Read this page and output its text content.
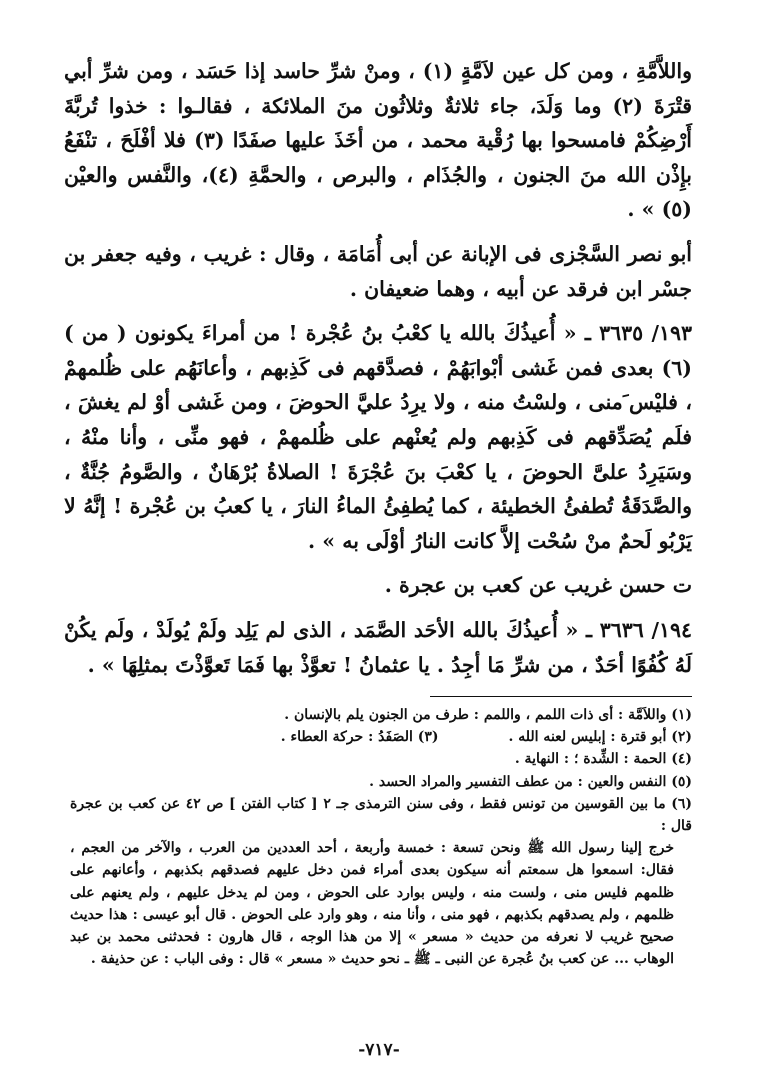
واللاَّمَّةِ ، ومن كل عين لاَمَّةٍ (١) ، ومنْ شرِّ حاسد إذا حَسَد ، ومن شرِّ أبي قتْرَةَ (٢) وما وَلَدَ، جاء ثلاثةٌ وثلاثُون منَ الملائكة ، فقالـوا : خذوا تُربَّةَ أَرْضِكُمْ فامسحوا بها رُقْية محمد ، من أخَذَ عليها صفَدًا (٣) فلا أفْلَحَ ، تنْفَعُ بإِذْن الله منَ الجنون ، والجُذَام ، والبرص ، والحمَّةِ (٤)، والنَّفس والعيْن (٥) » .

أبو نصر السَّجْزى فى الإبانة عن أبى أُمَامَة ، وقال : غريب ، وفيه جعفر بن جسْر ابن فرقد عن أبيه ، وهما ضعيفان .

١٩٣/ ٣٦٣٥ ـ « أُعيذُكَ بالله يا كعْبُ بنُ عُجْرة ! من أمراءَ يكونون ( من ) (٦) بعدى فمن غَشى أبْوابَهُمْ ، فصدَّقهم فى كَذِبهم ، وأعانَهُم على ظُلمهمْ ، فليْس َمنى ، ولسْتُ منه ، ولا يرِدُ عليَّ الحوضَ ، ومن غَشى أوْ لم يغشَ ، فلَم يُصَدِّقهم فى كَذِبهم ولم يُعنْهم على ظُلمهمْ ، فهو منِّى ، وأنا منْهُ ، وسَيَرِدُ علىَّ الحوضَ ، يا كعْبَ بنَ عُجْرَةَ ! الصلاةُ بُرْهَانٌ ، والصَّومُ جُنَّةٌ ، والصَّدَقَةُ تُطفئُ الخطيئة ، كما يُطفِئُ الماءُ النارَ ، يا كعبُ بن عُجْرة ! إنَّهُ لا يَرْبُو لَحمٌ منْ سُحْت إلاَّ كانت النارُ أوْلَى به » .

ت حسن غريب عن كعب بن عجرة .

١٩٤/ ٣٦٣٦ ـ « أُعيذُكَ بالله الأحَد الصَّمَد ، الذى لم يَلِد ولَمْ يُولَدْ ، ولَم يكُنْ لَهُ كُفُوًا أحَدٌ ، من شرِّ مَا أجِدُ . يا عثمانُ ! تعوَّذْ بها فَمَا تَعوَّذْتَ بمثلِهَا » .

(١) واللاَمَّة : أى ذات اللمم ، واللمم : طرف من الجنون يلم بالإنسان .
(٢) أبو قترة : إبليس لعنه الله .
(٣) الصَفَدُ : حركة العطاء .
(٤) الحمة : الشِّدة ؛ : النهاية .
(٥) النفس والعين : من عطف التفسير والمراد الحسد .
(٦) ما بين القوسين من تونس فقط ، وفى سنن الترمذى جـ ٢ [ كتاب الفتن ] ص ٤٢ عن كعب بن عجرة قال :
خرج إلينا رسول الله ﷺ ونحن تسعة : خمسة وأربعة ، أحد العددين من العرب ، والآخر من العجم ، فقال: اسمعوا هل سمعتم أنه سيكون بعدى أمراء فمن دخل عليهم فصدقهم بكذبهم ، وأعانهم على ظلمهم فليس منى ، ولست منه ، وليس بوارد على الحوض ، ومن لم يدخل عليهم ، ولم يعنهم على ظلمهم ، ولم يصدقهم بكذبهم ، فهو منى ، وأنا منه ، وهو وارد على الحوض . قال أبو عيسى : هذا حديث صحيح غريب لا نعرفه من حديث « مسعر » إلا من هذا الوجه ، قال هارون : فحدثنى محمد بن عبد الوهاب ... عن كعب بنُ عُجرة عن النبى ـ ﷺ ـ نحو حديث « مسعر » قال : وفى الباب : عن حذيفة .
-٧١٧-
